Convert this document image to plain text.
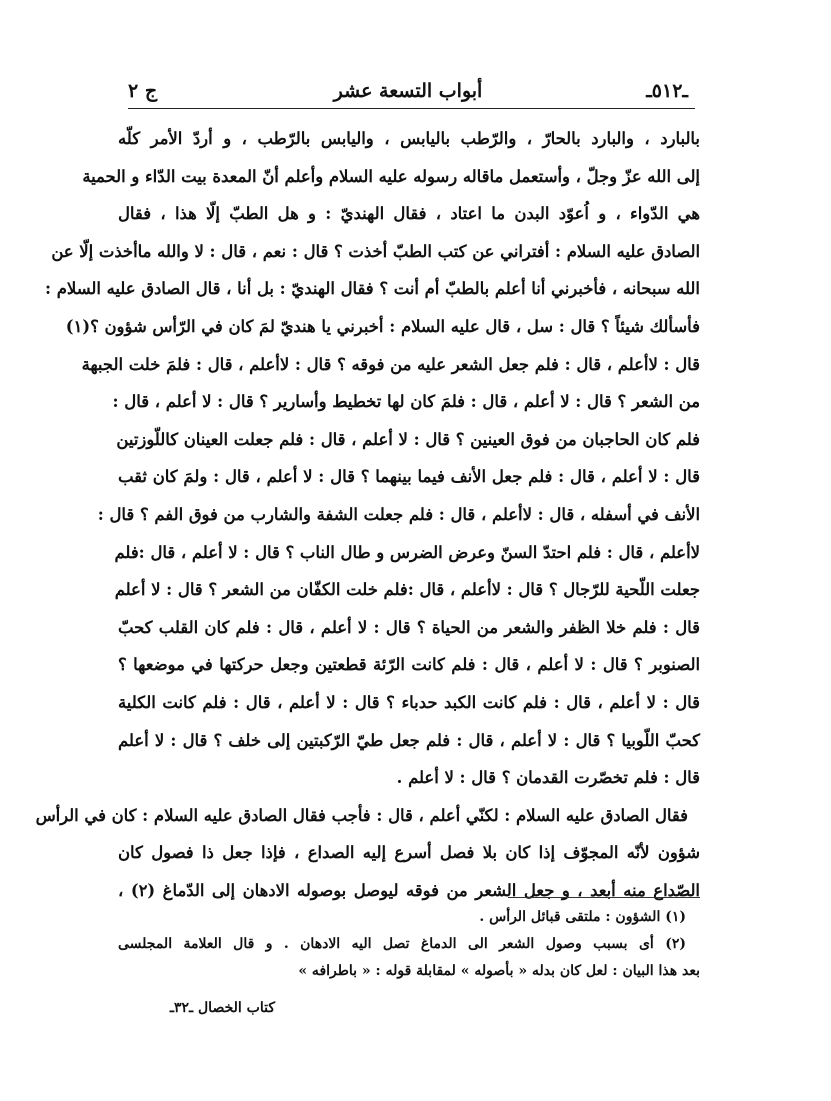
ـ٥١٢ـ
أبواب التسعة عشر
ج ٢
بالبارد ، والبارد بالحارّ ، والرّطب باليابس ، واليابس بالرّطب ، و أردّ الأمر كلّه
إلى الله عزّ وجلّ ، وأستعمل ماقاله رسوله عليه السلام وأعلم أنّ المعدة بيت الدّاء و الحمية
هي الدّواء ، و اُعوّد البدن ما اعتاد ، فقال الهنديّ : و هل الطبّ إلّا هذا ، فقال
الصادق عليه السلام : أفتراني عن كتب الطبّ أخذت ؟ قال : نعم ، قال : لا والله ماأخذت إلّا عن
الله سبحانه ، فأخبرني أنا أعلم بالطبّ أم أنت ؟ فقال الهنديّ : بل أنا ، قال الصادق عليه السلام :
فأسألك شيئاً ؟ قال : سل ، قال عليه السلام : أخبرني يا هنديّ لمَ كان في الرّأس شؤون ؟(١)
قال : لاأعلم ، قال : فلم جعل الشعر عليه من فوقه ؟ قال : لاأعلم ، قال : فلمَ خلت الجبهة
من الشعر ؟ قال : لا أعلم ، قال : فلمَ كان لها تخطيط وأسارير ؟ قال : لا أعلم ، قال :
فلم كان الحاجبان من فوق العينين ؟ قال : لا أعلم ، قال : فلم جعلت العينان كاللّوزتين
قال : لا أعلم ، قال : فلم جعل الأنف فيما بينهما ؟ قال : لا أعلم ، قال : ولمَ كان ثقب
الأنف في أسفله ، قال : لاأعلم ، قال : فلم جعلت الشفة والشارب من فوق الفم ؟ قال :
لاأعلم ، قال : فلم احتدّ السنّ وعرض الضرس و طال الناب ؟ قال : لا أعلم ، قال :فلم
جعلت اللّحية للرّجال ؟ قال : لاأعلم ، قال :فلم خلت الكفّان من الشعر ؟ قال : لا أعلم
قال : فلم خلا الظفر والشعر من الحياة ؟ قال : لا أعلم ، قال : فلم كان القلب كحبّ
الصنوبر ؟ قال : لا أعلم ، قال : فلم كانت الرّئة قطعتين وجعل حركتها في موضعها ؟
قال : لا أعلم ، قال : فلم كانت الكبد حدباء ؟ قال : لا أعلم ، قال : فلم كانت الكلية
كحبّ اللّوبيا ؟ قال : لا أعلم ، قال : فلم جعل طيّ الرّكبتين إلى خلف ؟ قال : لا أعلم
قال : فلم تخصّرت القدمان ؟ قال : لا أعلم .
فقال الصادق عليه السلام : لكنّي أعلم ، قال : فأجب فقال الصادق عليه السلام : كان في الرأس
شؤون لأنّه المجوّف إذا كان بلا فصل أسرع إليه الصداع ، فإذا جعل ذا فصول كان
الصّداع منه أبعد ، و جعل الشعر من فوقه ليوصل بوصوله الادهان إلى الدّماغ (٢) ،
(١) الشؤون : ملتقى قبائل الرأس .
(٢) أى بسبب وصول الشعر الى الدماغ تصل اليه الادهان . و قال العلامة المجلسى
بعد هذا البيان : لعل كان بدله « بأصوله » لمقابلة قوله : « باطرافه »
كتاب الخصال ـ٣٢ـ
